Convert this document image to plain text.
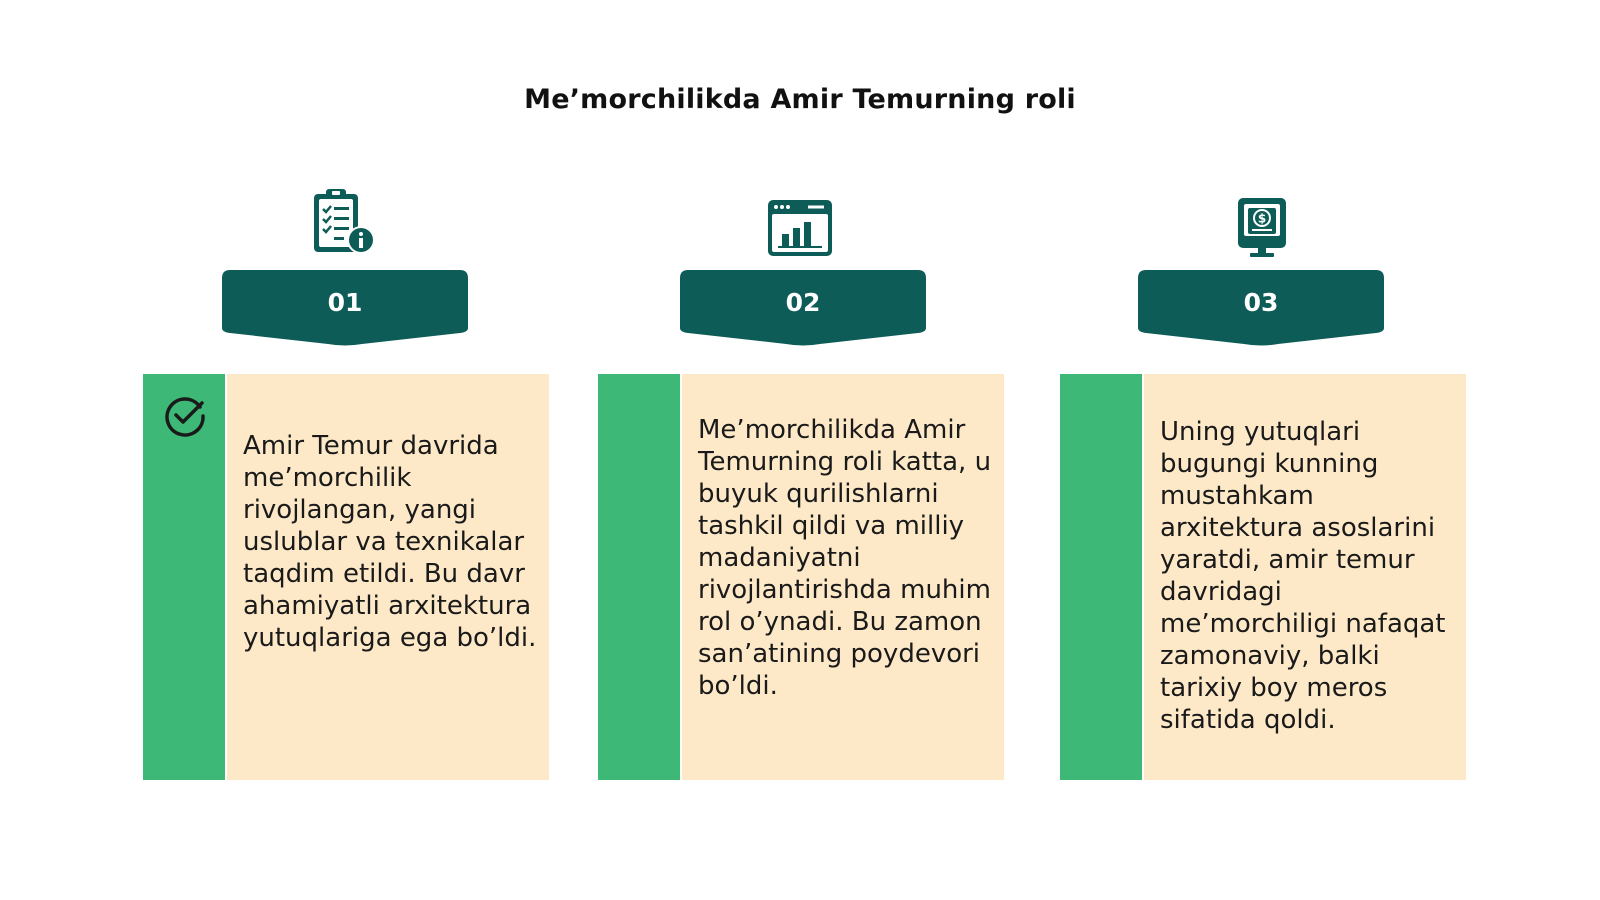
Me’morchilikda Amir Temurning roli
01
Amir Temur davrida me’morchilik rivojlangan, yangi uslublar va texnikalar taqdim etildi. Bu davr ahamiyatli arxitektura yutuqlariga ega bo’ldi.
02
Me’morchilikda Amir Temurning roli katta, u buyuk qurilishlarni tashkil qildi va milliy madaniyatni rivojlantirishda muhim rol o’ynadi. Bu zamon san’atining poydevori bo’ldi.
$
03
Uning yutuqlari bugungi kunning mustahkam arxitektura asoslarini yaratdi, amir temur davridagi me’morchiligi nafaqat zamonaviy, balki tarixiy boy meros sifatida qoldi.
